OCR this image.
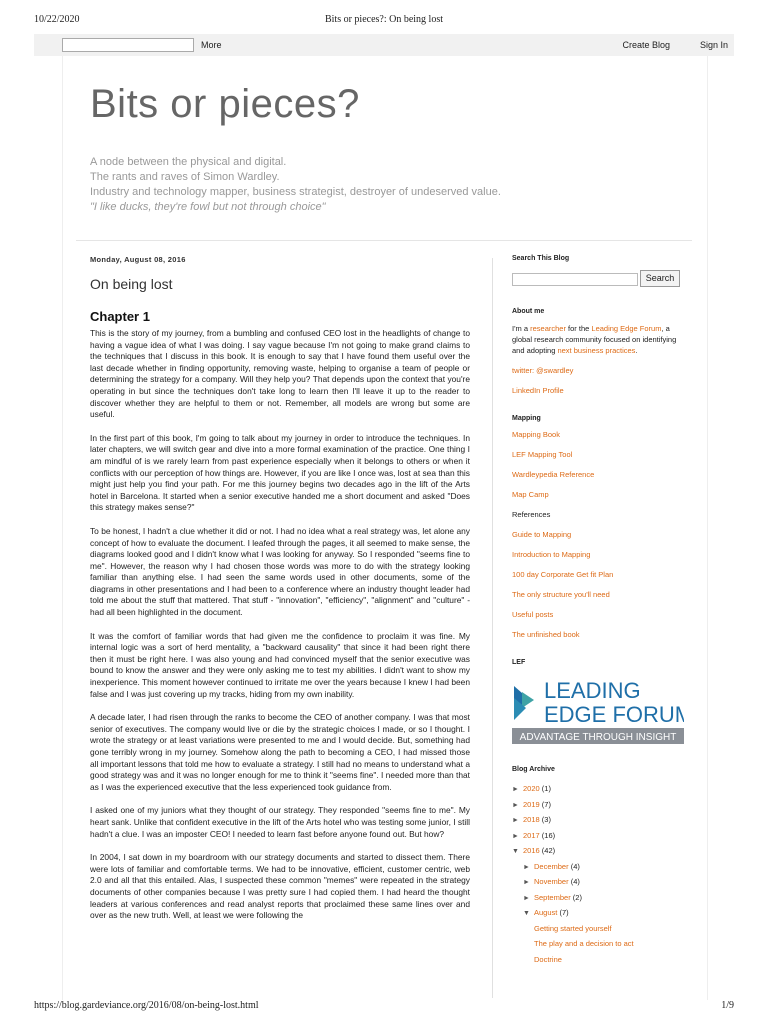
10/22/2020	Bits or pieces?: On being lost
More	Create Blog	Sign In
Bits or pieces?
A node between the physical and digital.
The rants and raves of Simon Wardley.
Industry and technology mapper, business strategist, destroyer of undeserved value.
"I like ducks, they're fowl but not through choice"

Monday, August 08, 2016

On being lost
Chapter 1

This is the story of my journey, from a bumbling and confused CEO lost in the headlights of change to having a vague idea of what I was doing. I say vague because I'm not going to make grand claims to the techniques that I discuss in this book. It is enough to say that I have found them useful over the last decade whether in finding opportunity, removing waste, helping to organise a team of people or determining the strategy for a company. Will they help you? That depends upon the context that you're operating in but since the techniques don't take long to learn then I'll leave it up to the reader to discover whether they are helpful to them or not. Remember, all models are wrong but some are useful.

In the first part of this book, I'm going to talk about my journey in order to introduce the techniques. In later chapters, we will switch gear and dive into a more formal examination of the practice. One thing I am mindful of is we rarely learn from past experience especially when it belongs to others or when it conflicts with our perception of how things are. However, if you are like I once was, lost at sea than this might just help you find your path. For me this journey begins two decades ago in the lift of the Arts hotel in Barcelona. It started when a senior executive handed me a short document and asked "Does this strategy makes sense?"

To be honest, I hadn't a clue whether it did or not. I had no idea what a real strategy was, let alone any concept of how to evaluate the document. I leafed through the pages, it all seemed to make sense, the diagrams looked good and I didn't know what I was looking for anyway. So I responded "seems fine to me". However, the reason why I had chosen those words was more to do with the strategy looking familiar than anything else. I had seen the same words used in other documents, some of the diagrams in other presentations and I had been to a conference where an industry thought leader had told me about the stuff that mattered. That stuff - "innovation", "efficiency", "alignment" and "culture" - had all been highlighted in the document.

It was the comfort of familiar words that had given me the confidence to proclaim it was fine. My internal logic was a sort of herd mentality, a "backward causality" that since it had been right there then it must be right here. I was also young and had convinced myself that the senior executive was bound to know the answer and they were only asking me to test my abilities. I didn't want to show my inexperience. This moment however continued to irritate me over the years because I knew I had been false and I was just covering up my tracks, hiding from my own inability.

A decade later, I had risen through the ranks to become the CEO of another company. I was that most senior of executives. The company would live or die by the strategic choices I made, or so I thought. I wrote the strategy or at least variations were presented to me and I would decide. But, something had gone terribly wrong in my journey. Somehow along the path to becoming a CEO, I had missed those all important lessons that told me how to evaluate a strategy. I still had no means to understand what a good strategy was and it was no longer enough for me to think it "seems fine". I needed more than that as I was the experienced executive that the less experienced took guidance from.

I asked one of my juniors what they thought of our strategy. They responded "seems fine to me". My heart sank. Unlike that confident executive in the lift of the Arts hotel who was testing some junior, I still hadn't a clue. I was an imposter CEO! I needed to learn fast before anyone found out. But how?

In 2004, I sat down in my boardroom with our strategy documents and started to dissect them. There were lots of familiar and comfortable terms. We had to be innovative, efficient, customer centric, web 2.0 and all that this entailed. Alas, I suspected these common "memes" were repeated in the strategy documents of other companies because I was pretty sure I had copied them. I had heard the thought leaders at various conferences and read analyst reports that proclaimed these same lines over and over as the new truth. Well, at least we were following the

Search This Blog

Search

About me

I'm a researcher for the Leading Edge Forum, a global research community focused on identifying and adopting next business practices.

twitter: @swardley

LinkedIn Profile

Mapping

Mapping Book

LEF Mapping Tool

Wardleypedia Reference

Map Camp

References

Guide to Mapping

Introduction to Mapping

100 day Corporate Get fit Plan

The only structure you'll need

Useful posts

The unfinished book

LEF

LEADING
EDGE FORUM
ADVANTAGE THROUGH INSIGHT

Blog Archive

► 2020 (1)
► 2019 (7)
► 2018 (3)
► 2017 (16)
▼ 2016 (42)
► December (4)
► November (4)
► September (2)
▼ August (7)
Getting started yourself
The play and a decision to act
Doctrine
https://blog.gardeviance.org/2016/08/on-being-lost.html	1/9
